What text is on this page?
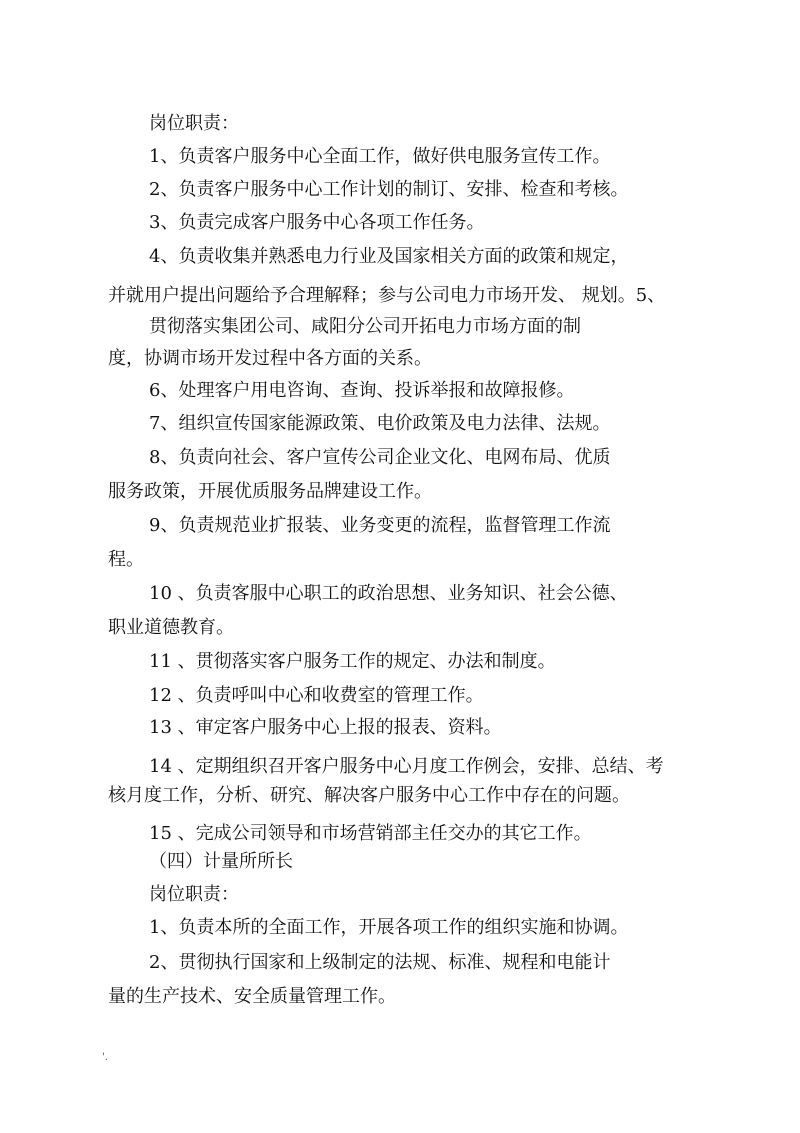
岗位职责：
1、负责客户服务中心全面工作，做好供电服务宣传工作。
2、负责客户服务中心工作计划的制订、安排、检查和考核。
3、负责完成客户服务中心各项工作任务。
4、负责收集并熟悉电力行业及国家相关方面的政策和规定，
并就用户提出问题给予合理解释；参与公司电力市场开发、 规划。5、
贯彻落实集团公司、咸阳分公司开拓电力市场方面的制
度，协调市场开发过程中各方面的关系。
6、处理客户用电咨询、查询、投诉举报和故障报修。
7、组织宣传国家能源政策、电价政策及电力法律、法规。
8、负责向社会、客户宣传公司企业文化、电网布局、优质
服务政策，开展优质服务品牌建设工作。
9、负责规范业扩报装、业务变更的流程，监督管理工作流
程。
10 、负责客服中心职工的政治思想、业务知识、社会公德、
职业道德教育。
11 、贯彻落实客户服务工作的规定、办法和制度。
12 、负责呼叫中心和收费室的管理工作。
13 、审定客户服务中心上报的报表、资料。
14 、定期组织召开客户服务中心月度工作例会，安排、总结、考
核月度工作，分析、研究、解决客户服务中心工作中存在的问题。
15 、完成公司领导和市场营销部主任交办的其它工作。
（四）计量所所长
岗位职责：
1、负责本所的全面工作，开展各项工作的组织实施和协调。
2、贯彻执行国家和上级制定的法规、标准、规程和电能计
量的生产技术、安全质量管理工作。
'.
